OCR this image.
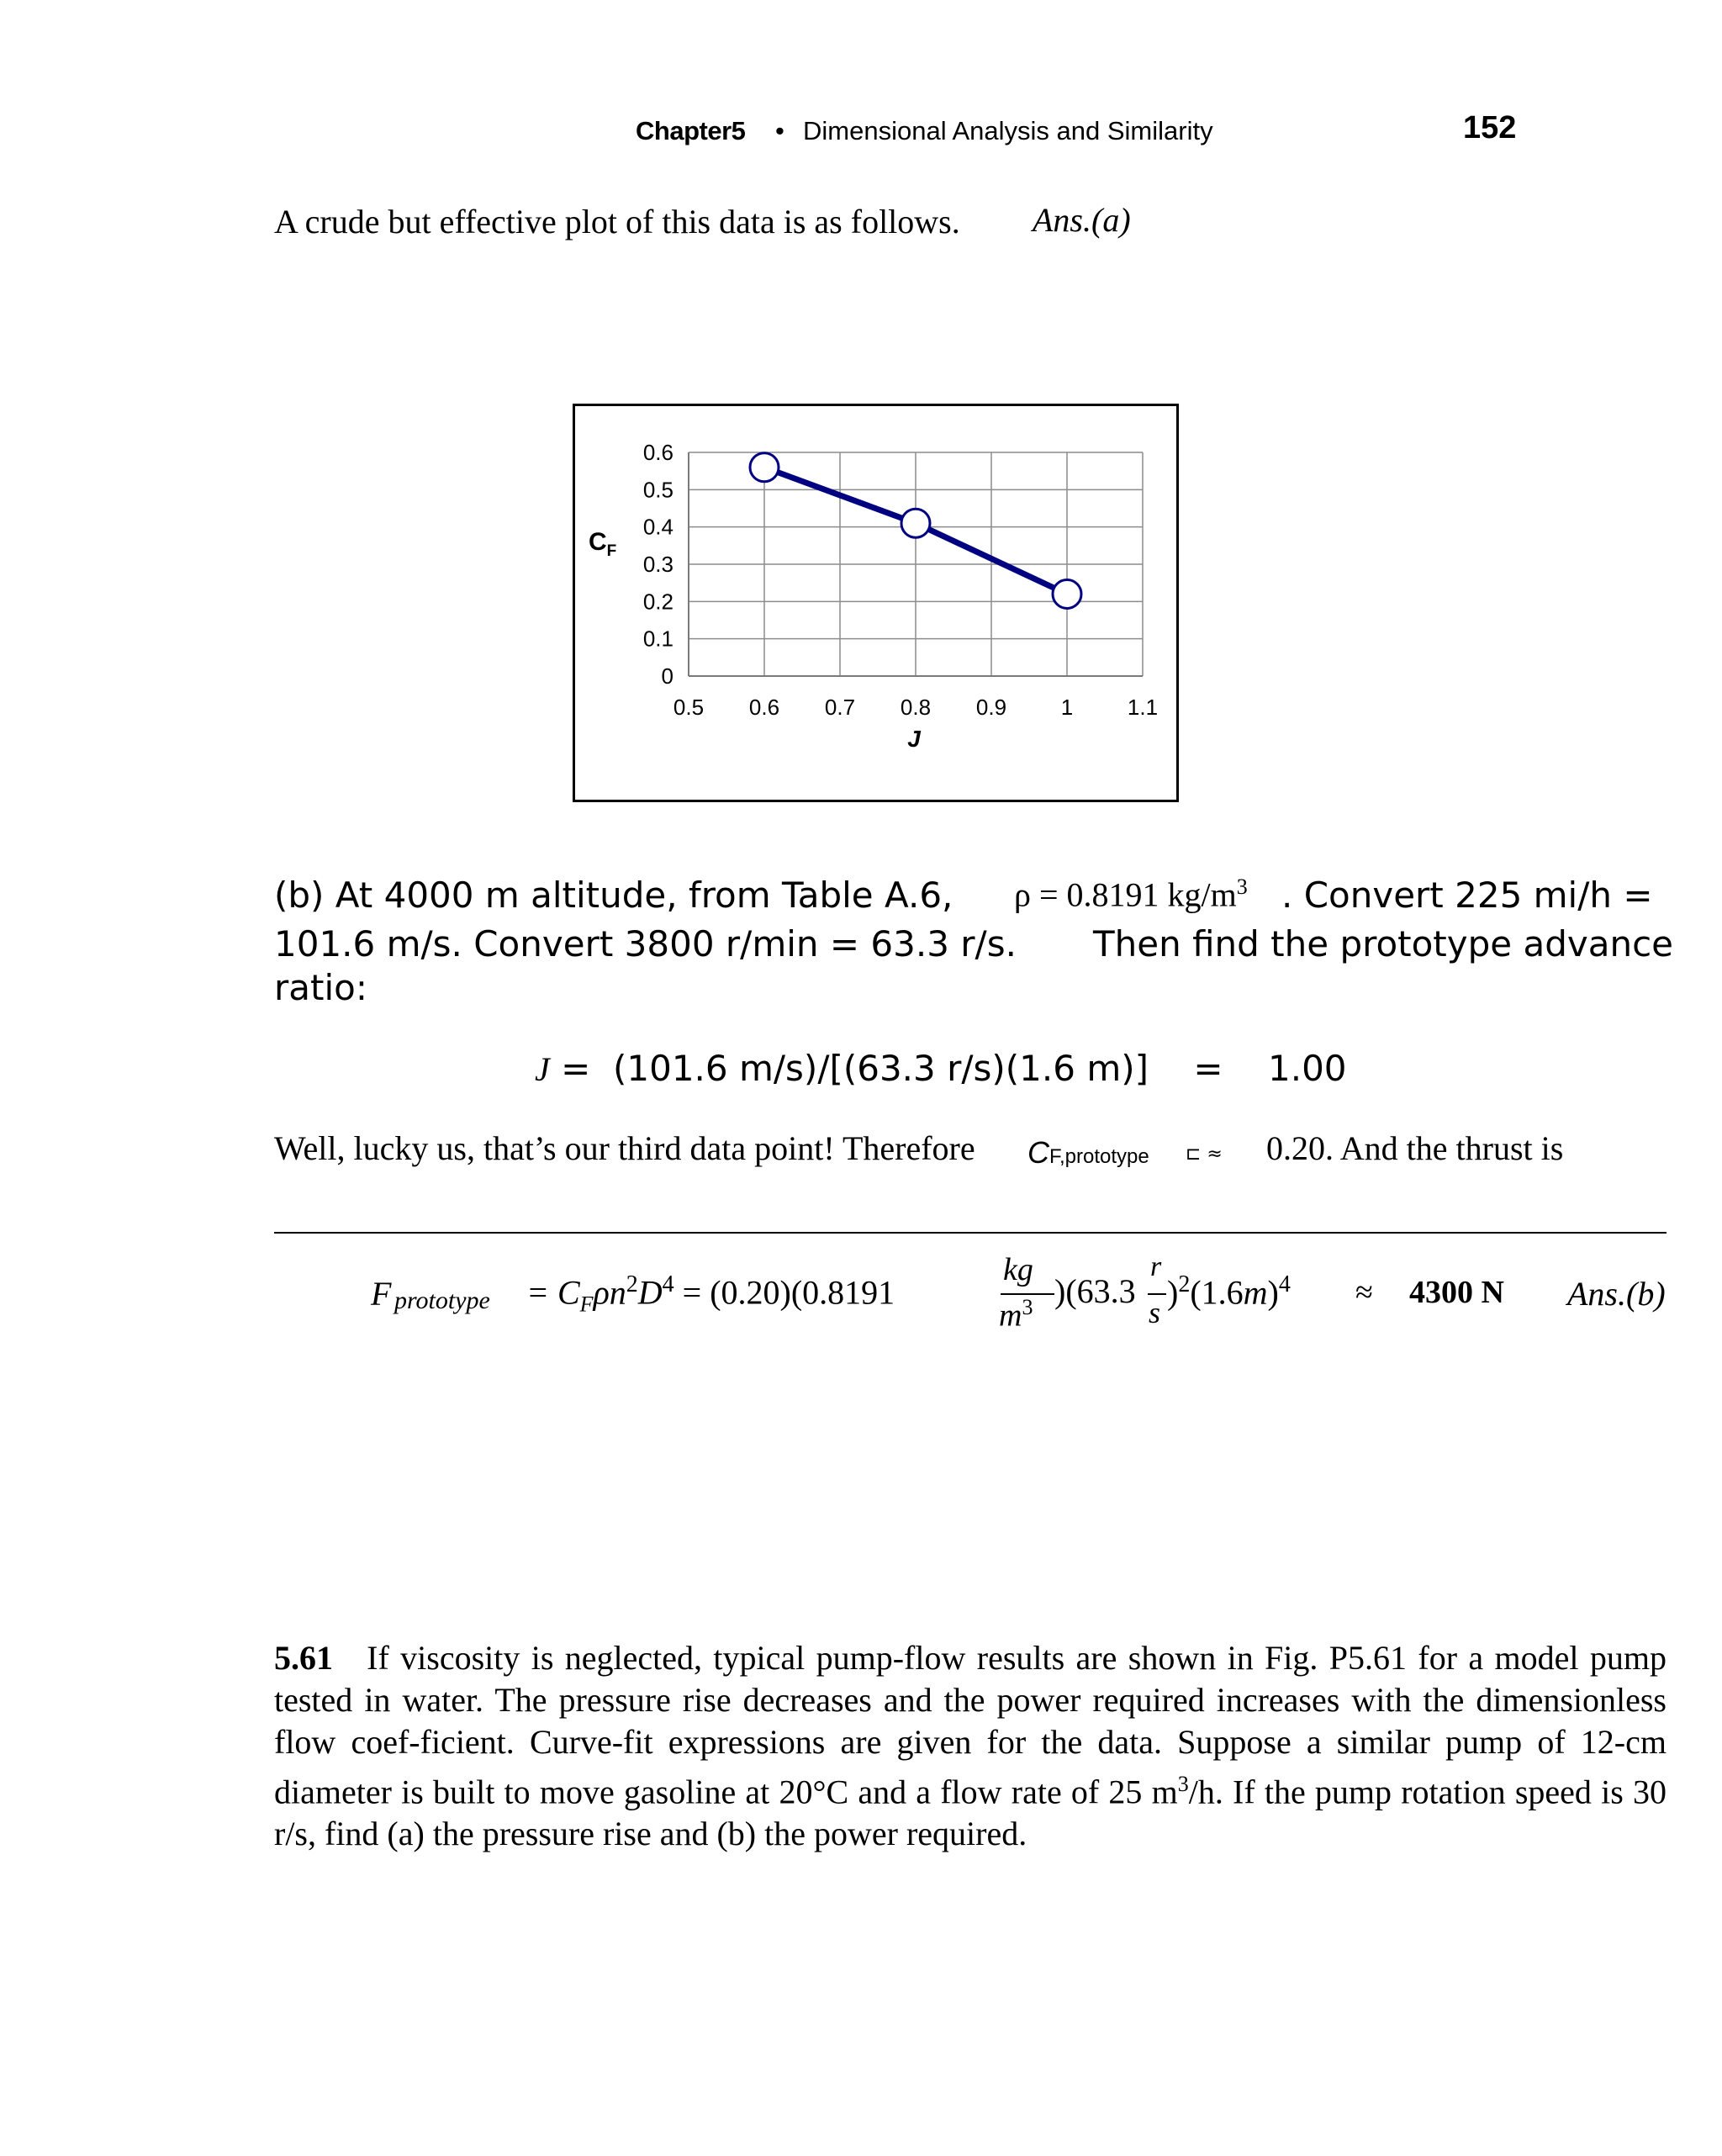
Chapter5 • Dimensional Analysis and Similarity	152
A crude but effective plot of this data is as follows. Ans.(a)
0
0.1
0.2
0.3
0.4
0.5
0.6
0.5 0.6 0.7 0.8 0.9 1 1.1
J
$C_F$
(b) At 4000 m altitude, from Table A.6, ρ = 0.8191 $kg/m^3$ . Convert 225 mi/h =
101.6 m/s. Convert 3800 r/min = 63.3 r/s. Then find the prototype advance
ratio:
J =  (101.6 m/s)/[(63.3 r/s)(1.6 m)]    =    1.00
Well, lucky us, that’s our third data point! Therefore CF,prototype ⊏ ≈ 0.20. And the thrust is
F prototype = $C_F\rho n^2D^4 = (0.20)(0.8191$
kg
$m^3$ )(63.3
r
s
)$^2(1.6m)^4 \approx 4300$ N Ans.(b)
5.61 If viscosity is neglected, typical pump-flow results are shown in Fig. P5.61 for a model pump
tested in water. The pressure rise decreases and the power required increases with the dimensionless
flow coef-ficient. Curve-fit expressions are given for the data. Suppose a similar pump of 12-cm
diameter is built to move gasoline at 20°C and a flow rate of 25 $m^3/h$. If the pump rotation speed is 30
r/s, find (a) the pressure rise and (b) the power required.
